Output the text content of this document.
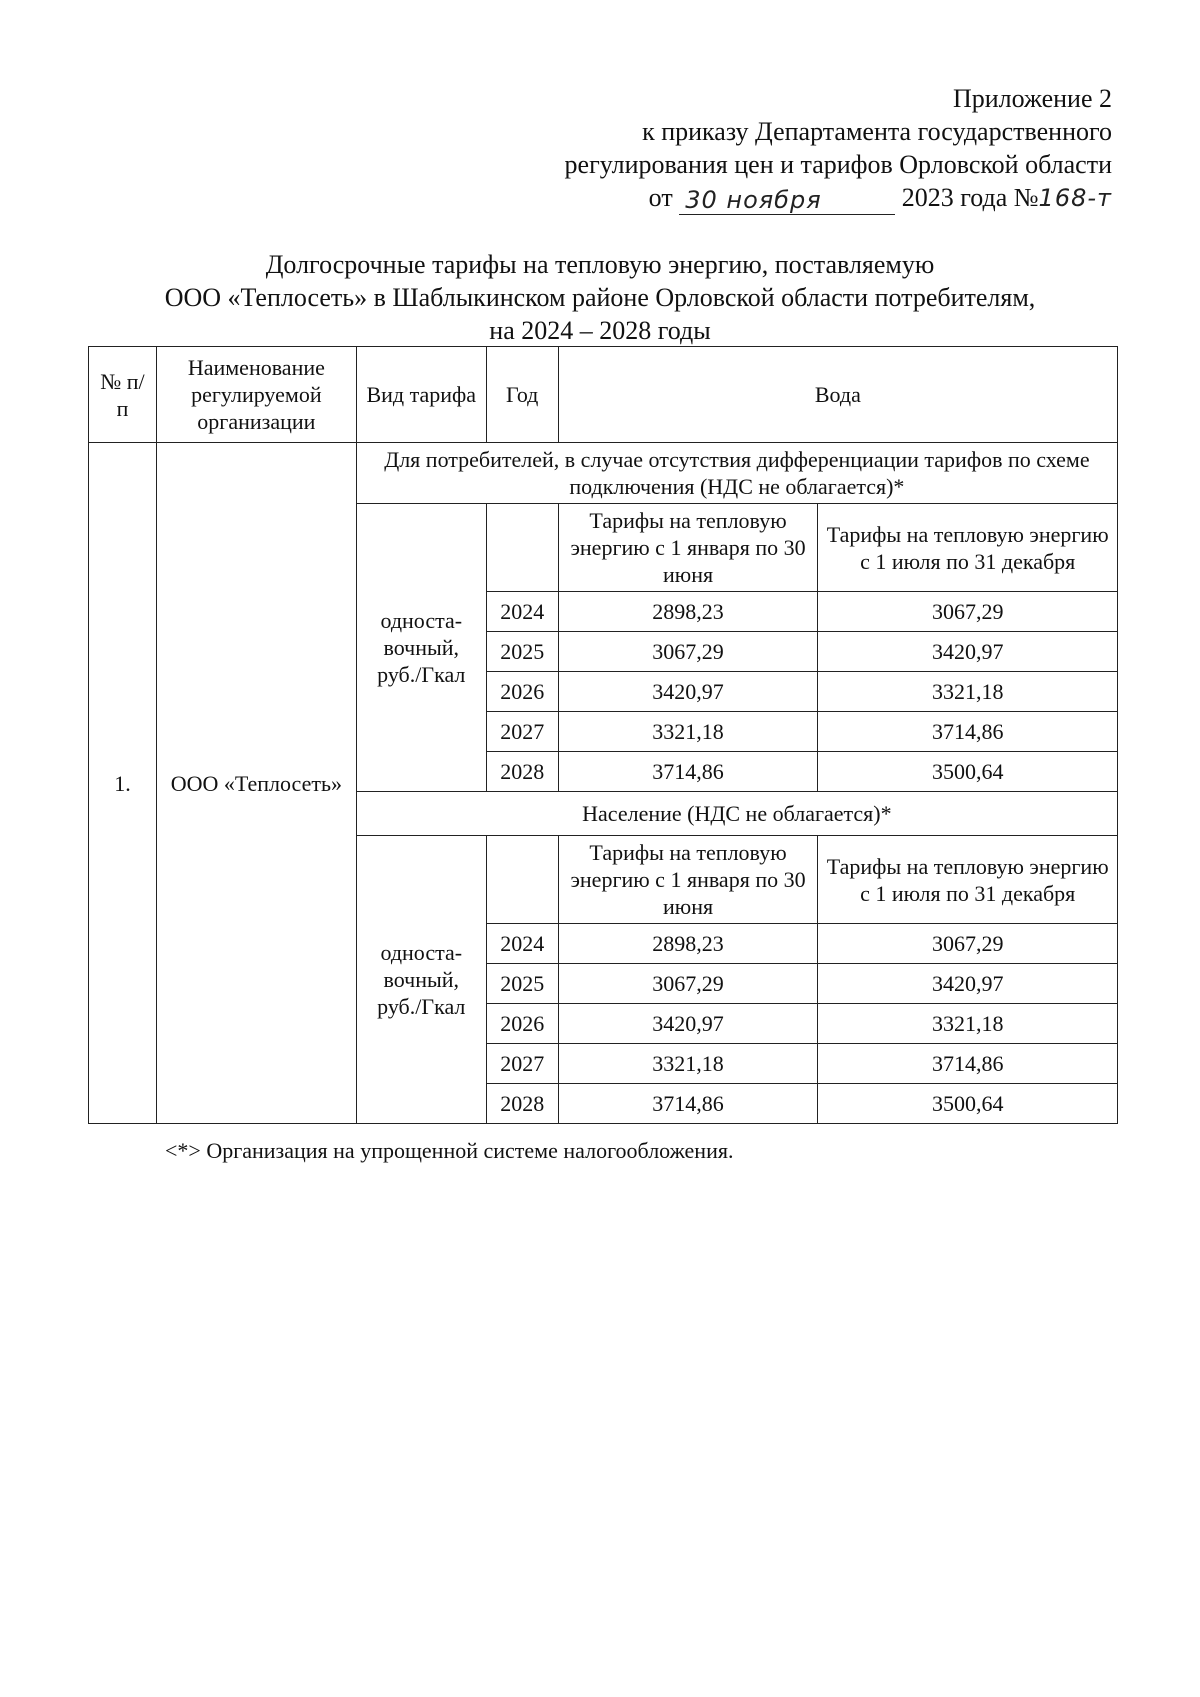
Приложение 2
к приказу Департамента государственного
регулирования цен и тарифов Орловской области
от 30 ноября	2023 года №168-т
Долгосрочные тарифы на тепловую энергию, поставляемую
ООО «Теплосеть» в Шаблыкинском районе Орловской области потребителям,
на 2024 – 2028 годы
№ п/п	Наименование регулируемой организации	Вид тарифа	Год	Вода	
1.	ООО «Теплосеть»	Для потребителей, в случае отсутствия дифференциации тарифов по схеме подключения (НДС не облагается)*			
		односта-вочный, руб./Гкал		Тарифы на тепловую энергию с 1 января по 30 июня	Тарифы на тепловую энергию с 1 июля по 31 декабря
			2024	2898,23	3067,29
			2025	3067,29	3420,97
			2026	3420,97	3321,18
			2027	3321,18	3714,86
			2028	3714,86	3500,64
		Население (НДС не облагается)*			
		односта-вочный, руб./Гкал		Тарифы на тепловую энергию с 1 января по 30 июня	Тарифы на тепловую энергию с 1 июля по 31 декабря
			2024	2898,23	3067,29
			2025	3067,29	3420,97
			2026	3420,97	3321,18
			2027	3321,18	3714,86
			2028	3714,86	3500,64
<*> Организация на упрощенной системе налогообложения.
